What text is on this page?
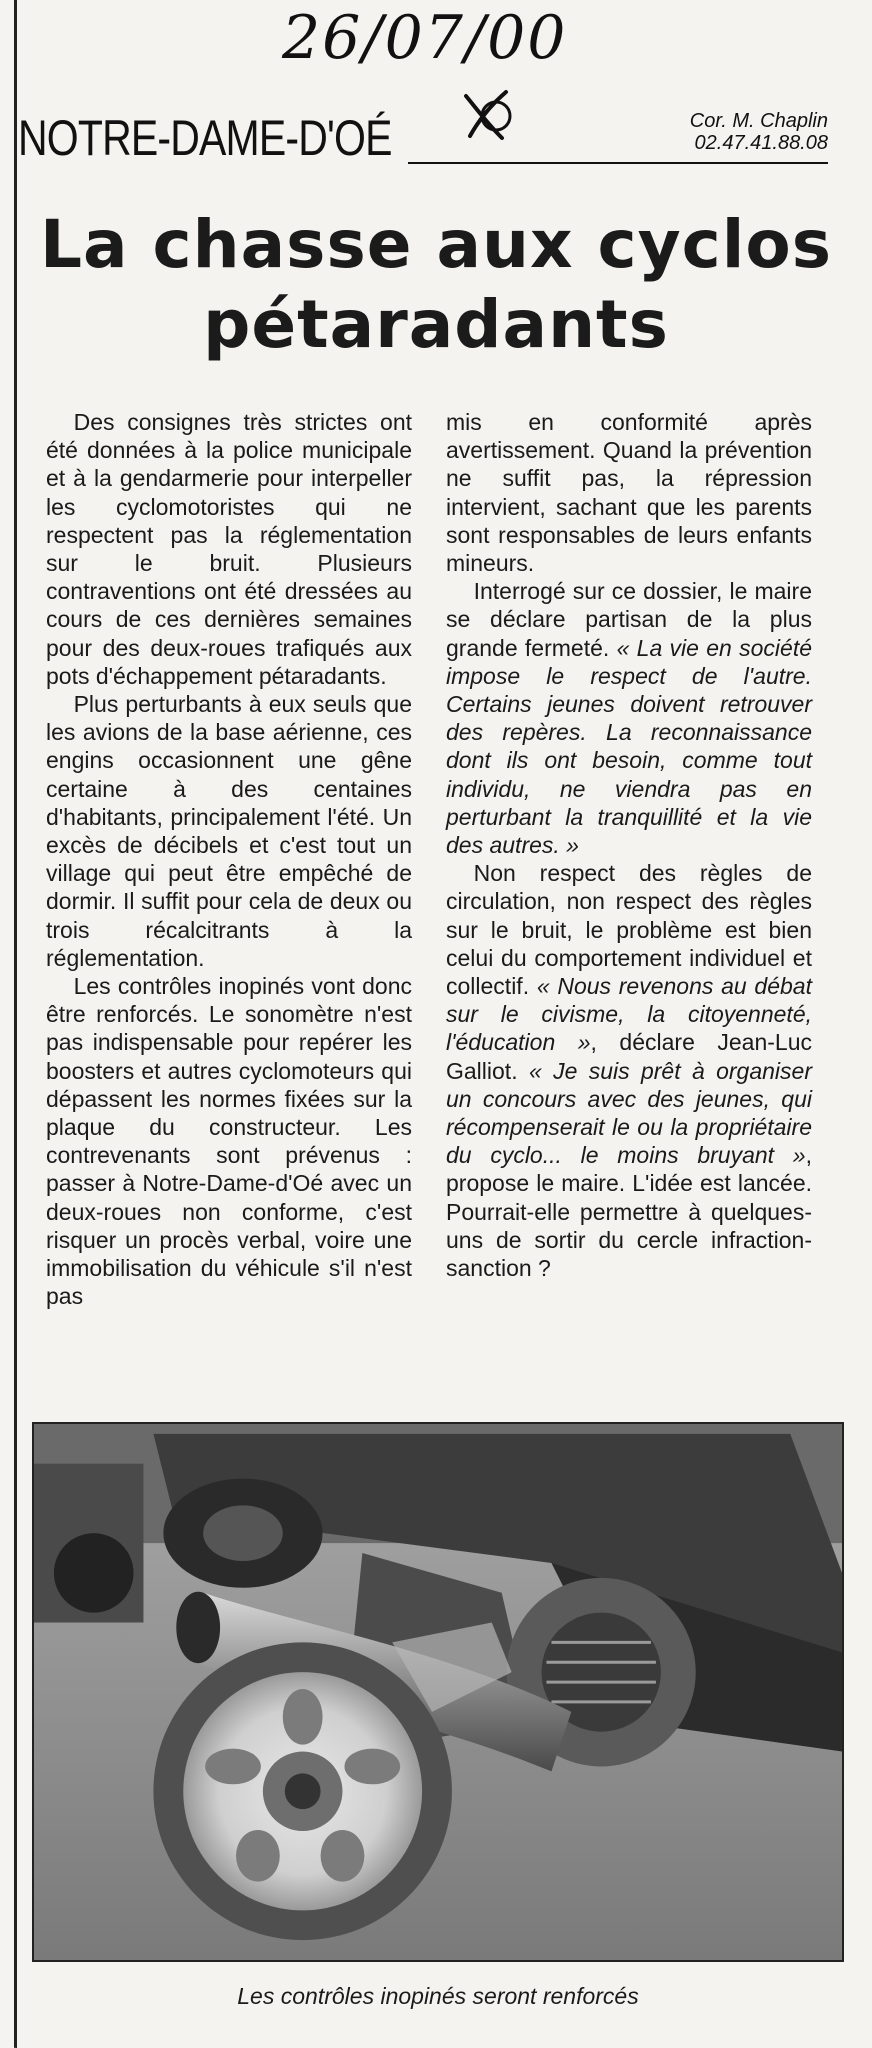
26/07/00
NOTRE-DAME-D'OÉ	Cor. M. Chaplin
02.47.41.88.08
La chasse aux cyclos
pétaradants

Des consignes très strictes ont été données à la police municipale et à la gendarmerie pour interpeller les cyclomotoristes qui ne respectent pas la réglementation sur le bruit. Plusieurs contraventions ont été dressées au cours de ces dernières semaines pour des deux-roues trafiqués aux pots d'échappement pétaradants.

Plus perturbants à eux seuls que les avions de la base aérienne, ces engins occasionnent une gêne certaine à des centaines d'habitants, principalement l'été. Un excès de décibels et c'est tout un village qui peut être empêché de dormir. Il suffit pour cela de deux ou trois récalcitrants à la réglementation.

Les contrôles inopinés vont donc être renforcés. Le sonomètre n'est pas indispensable pour repérer les boosters et autres cyclomoteurs qui dépassent les normes fixées sur la plaque du constructeur. Les contrevenants sont prévenus : passer à Notre-Dame-d'Oé avec un deux-roues non conforme, c'est risquer un procès verbal, voire une immobilisation du véhicule s'il n'est pas

mis en conformité après avertissement. Quand la prévention ne suffit pas, la répression intervient, sachant que les parents sont responsables de leurs enfants mineurs.

Interrogé sur ce dossier, le maire se déclare partisan de la plus grande fermeté. « La vie en société impose le respect de l'autre. Certains jeunes doivent retrouver des repères. La reconnaissance dont ils ont besoin, comme tout individu, ne viendra pas en perturbant la tranquillité et la vie des autres. »

Non respect des règles de circulation, non respect des règles sur le bruit, le problème est bien celui du comportement individuel et collectif. « Nous revenons au débat sur le civisme, la citoyenneté, l'éducation », déclare Jean-Luc Galliot. « Je suis prêt à organiser un concours avec des jeunes, qui récompenserait le ou la propriétaire du cyclo... le moins bruyant », propose le maire. L'idée est lancée. Pourrait-elle permettre à quelques-uns de sortir du cercle infraction-sanction ?

Les contrôles inopinés seront renforcés
